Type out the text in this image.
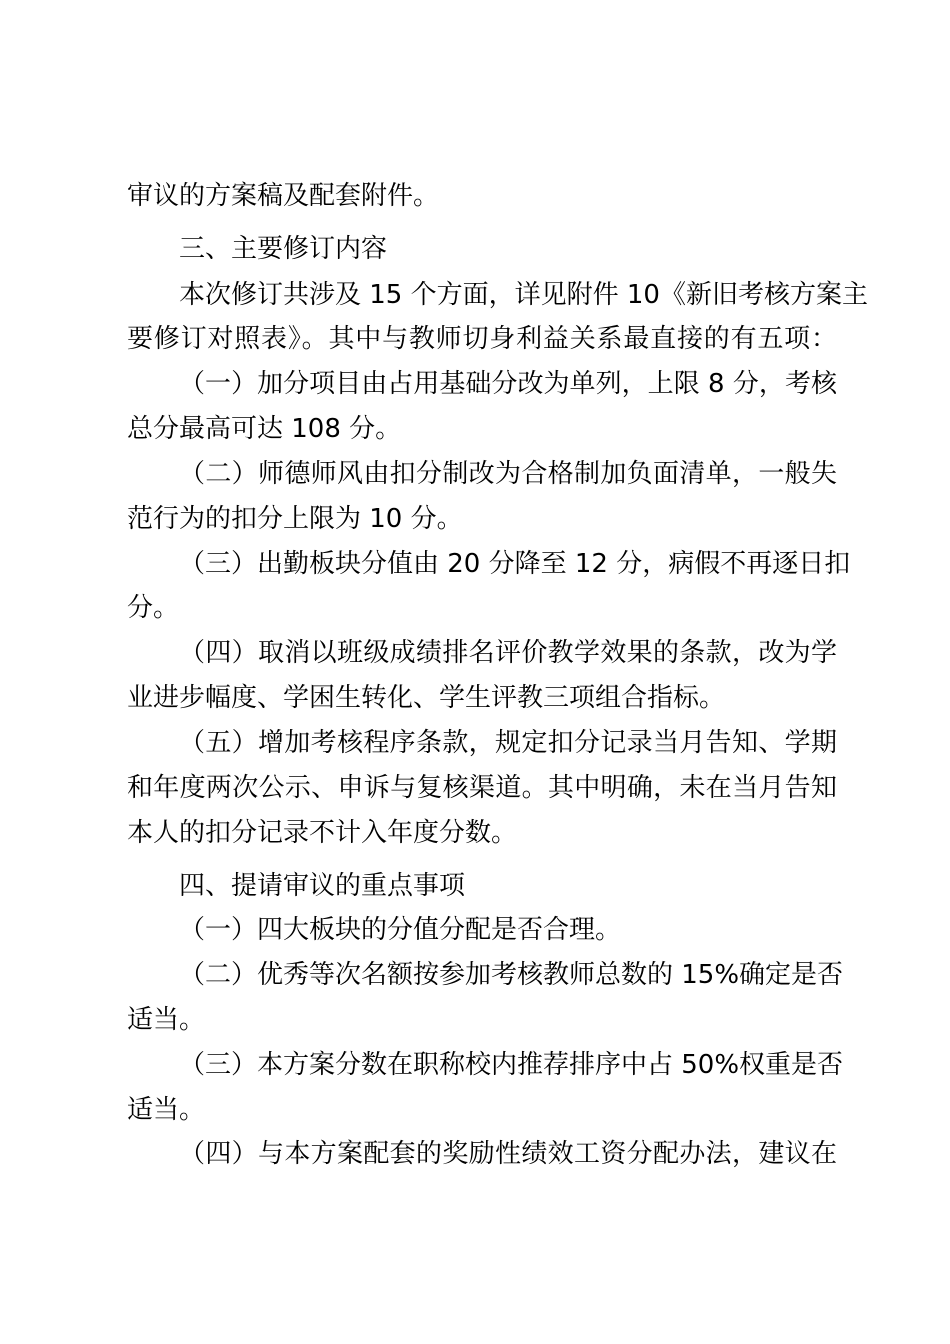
审议的方案稿及配套附件。
三、主要修订内容
本次修订共涉及 15 个方面，详见附件 10《新旧考核方案主
要修订对照表》。其中与教师切身利益关系最直接的有五项：
（一）加分项目由占用基础分改为单列，上限 8 分，考核
总分最高可达 108 分。
（二）师德师风由扣分制改为合格制加负面清单，一般失
范行为的扣分上限为 10 分。
（三）出勤板块分值由 20 分降至 12 分，病假不再逐日扣
分。
（四）取消以班级成绩排名评价教学效果的条款，改为学
业进步幅度、学困生转化、学生评教三项组合指标。
（五）增加考核程序条款，规定扣分记录当月告知、学期
和年度两次公示、申诉与复核渠道。其中明确，未在当月告知
本人的扣分记录不计入年度分数。
四、提请审议的重点事项
（一）四大板块的分值分配是否合理。
（二）优秀等次名额按参加考核教师总数的 15%确定是否
适当。
（三）本方案分数在职称校内推荐排序中占 50%权重是否
适当。
（四）与本方案配套的奖励性绩效工资分配办法，建议在
